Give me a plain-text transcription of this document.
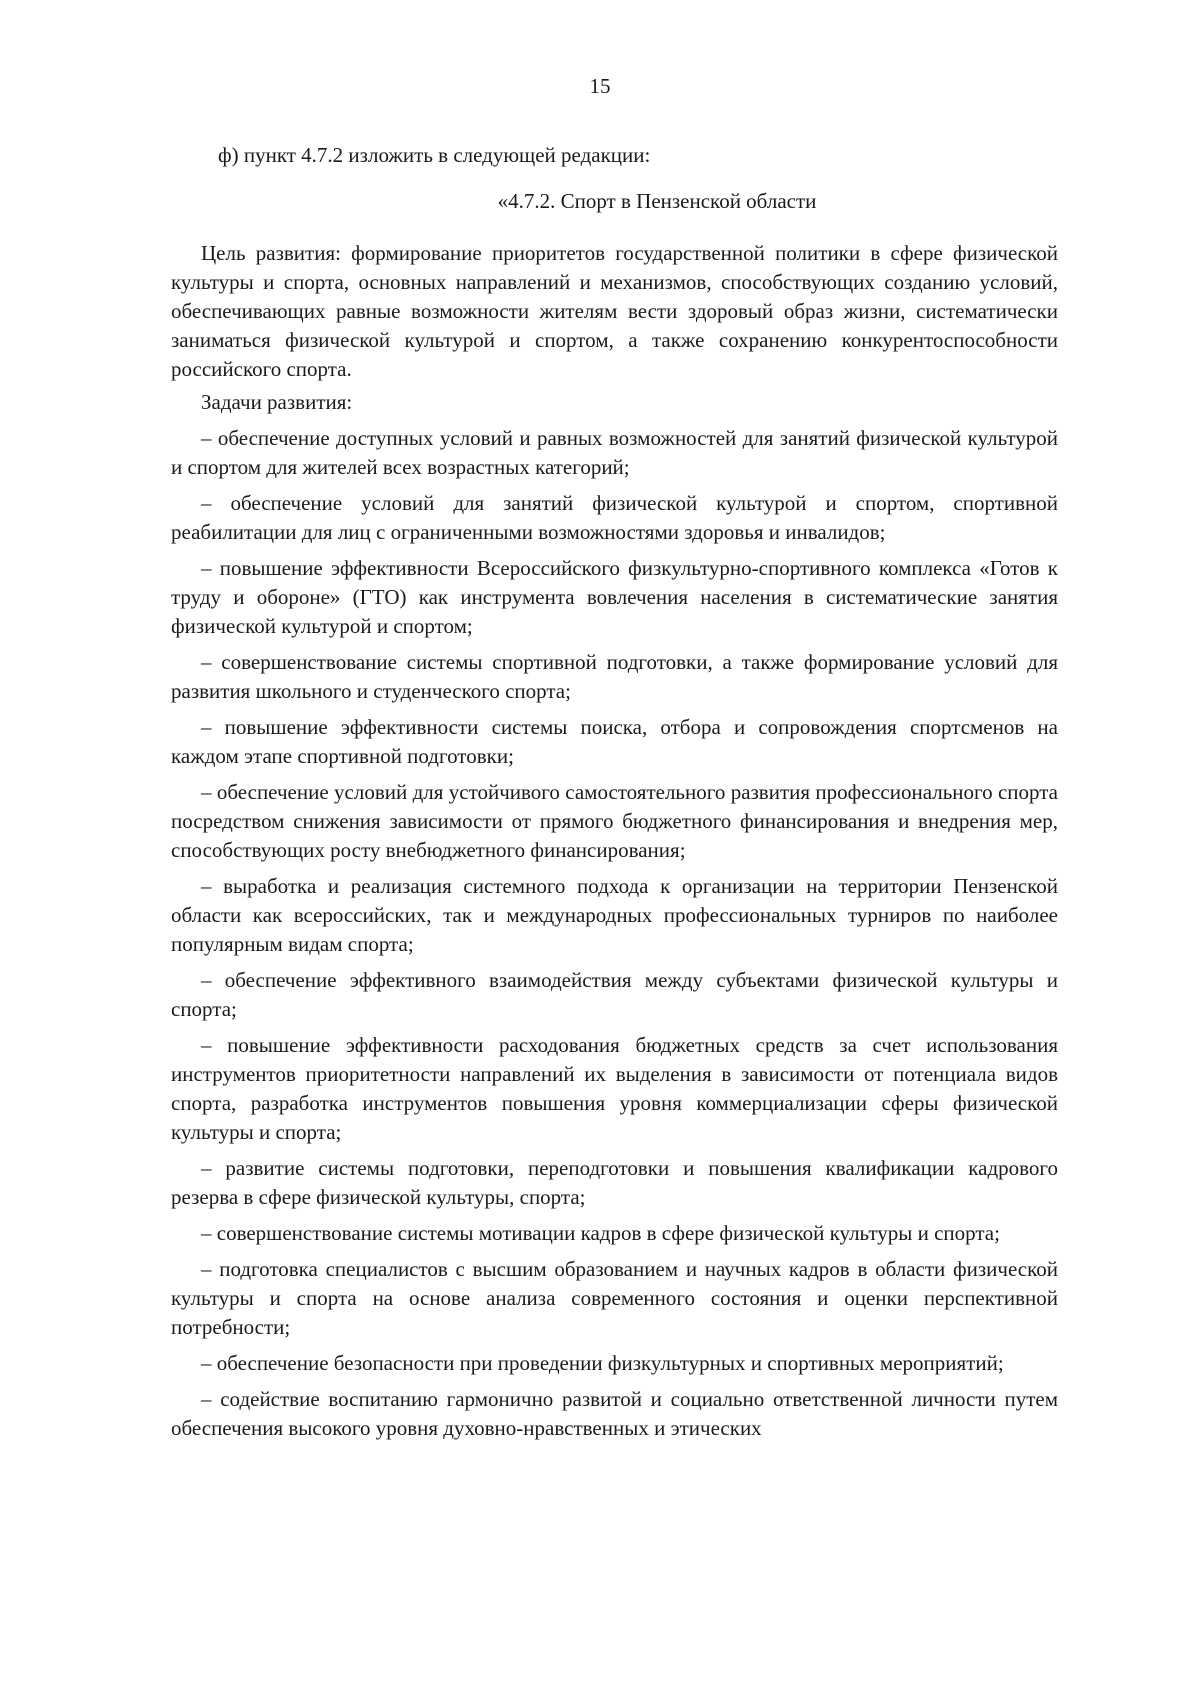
15

ф) пункт 4.7.2 изложить в следующей редакции:

«4.7.2. Спорт в Пензенской области

Цель развития: формирование приоритетов государственной политики в сфере физической культуры и спорта, основных направлений и механизмов, способствующих созданию условий, обеспечивающих равные возможности жителям вести здоровый образ жизни, систематически заниматься физической культурой и спортом, а также сохранению конкурентоспособности российского спорта.

Задачи развития:

– обеспечение доступных условий и равных возможностей для занятий физической культурой и спортом для жителей всех возрастных категорий;

– обеспечение условий для занятий физической культурой и спортом, спортивной реабилитации для лиц с ограниченными возможностями здоровья и инвалидов;

– повышение эффективности Всероссийского физкультурно-спортивного комплекса «Готов к труду и обороне» (ГТО) как инструмента вовлечения населения в систематические занятия физической культурой и спортом;

– совершенствование системы спортивной подготовки, а также формирование условий для развития школьного и студенческого спорта;

– повышение эффективности системы поиска, отбора и сопровождения спортсменов на каждом этапе спортивной подготовки;

– обеспечение условий для устойчивого самостоятельного развития профессионального спорта посредством снижения зависимости от прямого бюджетного финансирования и внедрения мер, способствующих росту внебюджетного финансирования;

– выработка и реализация системного подхода к организации на территории Пензенской области как всероссийских, так и международных профессиональных турниров по наиболее популярным видам спорта;

– обеспечение эффективного взаимодействия между субъектами физической культуры и спорта;

– повышение эффективности расходования бюджетных средств за счет использования инструментов приоритетности направлений их выделения в зависимости от потенциала видов спорта, разработка инструментов повышения уровня коммерциализации сферы физической культуры и спорта;

– развитие системы подготовки, переподготовки и повышения квалификации кадрового резерва в сфере физической культуры, спорта;

– совершенствование системы мотивации кадров в сфере физической культуры и спорта;

– подготовка специалистов с высшим образованием и научных кадров в области физической культуры и спорта на основе анализа современного состояния и оценки перспективной потребности;

– обеспечение безопасности при проведении физкультурных и спортивных мероприятий;

– содействие воспитанию гармонично развитой и социально ответственной личности путем обеспечения высокого уровня духовно-нравственных и этических
